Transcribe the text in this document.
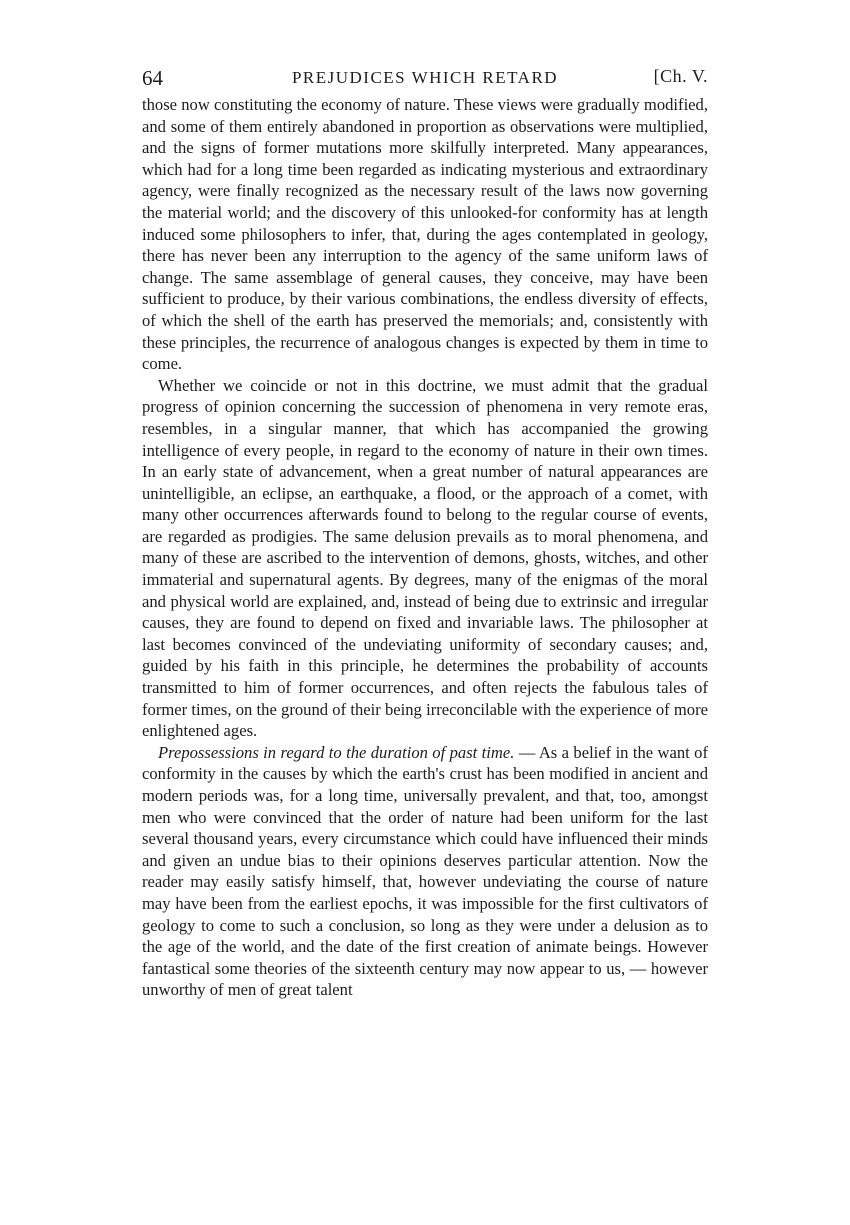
64	PREJUDICES WHICH RETARD	[Ch. V.

those now constituting the economy of nature. These views were gradually modified, and some of them entirely abandoned in proportion as observations were multiplied, and the signs of former mutations more skilfully interpreted. Many appearances, which had for a long time been regarded as indicating mysterious and extraordinary agency, were finally recognized as the necessary result of the laws now governing the material world; and the discovery of this unlooked-for conformity has at length induced some philosophers to infer, that, during the ages contemplated in geology, there has never been any interruption to the agency of the same uniform laws of change. The same assemblage of general causes, they conceive, may have been sufficient to produce, by their various combinations, the endless diversity of effects, of which the shell of the earth has preserved the memorials; and, consistently with these principles, the recurrence of analogous changes is expected by them in time to come.

Whether we coincide or not in this doctrine, we must admit that the gradual progress of opinion concerning the succession of phenomena in very remote eras, resembles, in a singular manner, that which has accompanied the growing intelligence of every people, in regard to the economy of nature in their own times. In an early state of advancement, when a great number of natural appearances are unintelligible, an eclipse, an earthquake, a flood, or the approach of a comet, with many other occurrences afterwards found to belong to the regular course of events, are regarded as prodigies. The same delusion prevails as to moral phenomena, and many of these are ascribed to the intervention of demons, ghosts, witches, and other immaterial and supernatural agents. By degrees, many of the enigmas of the moral and physical world are explained, and, instead of being due to extrinsic and irregular causes, they are found to depend on fixed and invariable laws. The philosopher at last becomes convinced of the undeviating uniformity of secondary causes; and, guided by his faith in this principle, he determines the probability of accounts transmitted to him of former occurrences, and often rejects the fabulous tales of former times, on the ground of their being irreconcilable with the experience of more enlightened ages.

Prepossessions in regard to the duration of past time. — As a belief in the want of conformity in the causes by which the earth's crust has been modified in ancient and modern periods was, for a long time, universally prevalent, and that, too, amongst men who were convinced that the order of nature had been uniform for the last several thousand years, every circumstance which could have influenced their minds and given an undue bias to their opinions deserves particular attention. Now the reader may easily satisfy himself, that, however undeviating the course of nature may have been from the earliest epochs, it was impossible for the first cultivators of geology to come to such a conclusion, so long as they were under a delusion as to the age of the world, and the date of the first creation of animate beings. However fantastical some theories of the sixteenth century may now appear to us, — however unworthy of men of great talent
